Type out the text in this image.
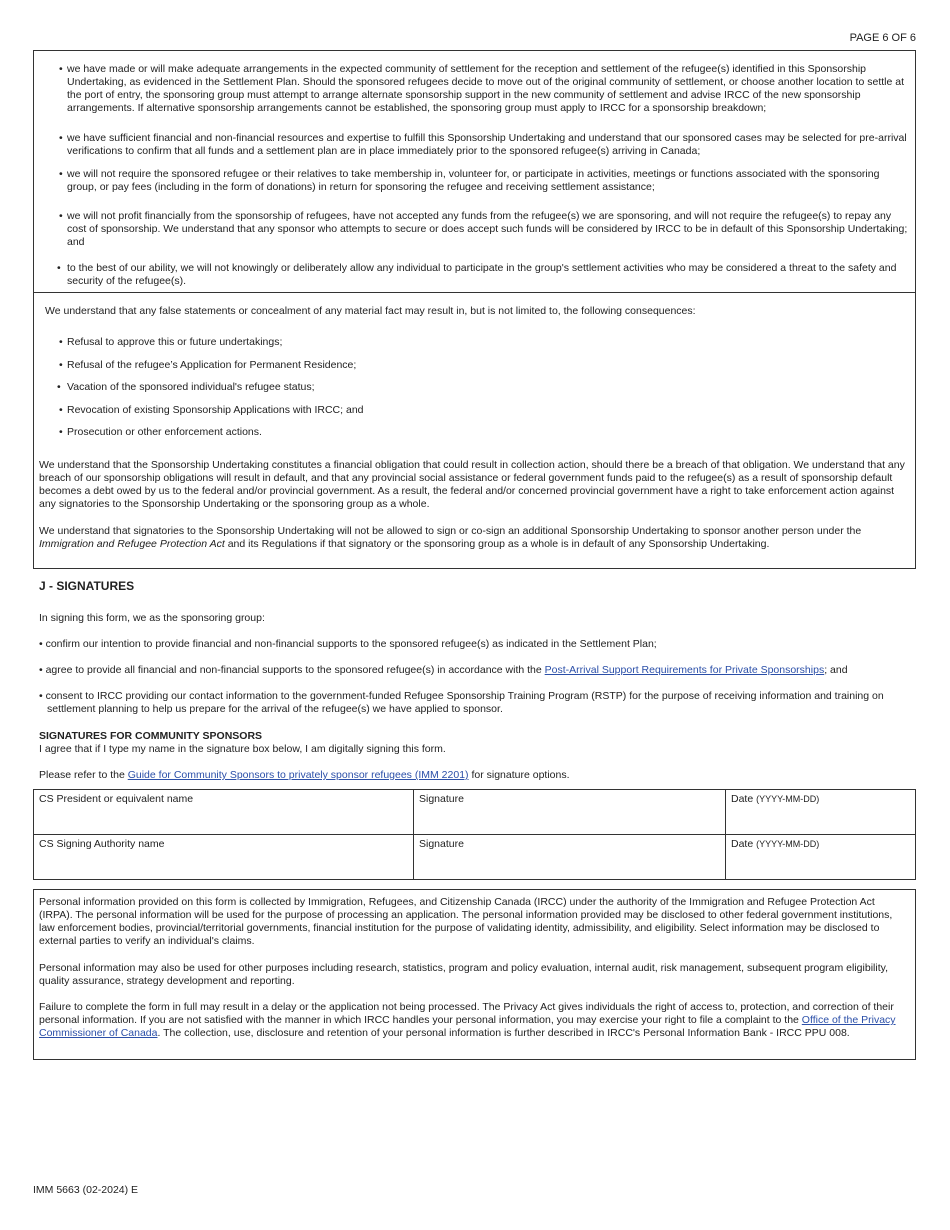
PAGE 6 OF 6
• we have made or will make adequate arrangements in the expected community of settlement for the reception and settlement of the refugee(s) identified in this Sponsorship Undertaking, as evidenced in the Settlement Plan. Should the sponsored refugees decide to move out of the original community of settlement, or choose another location to settle at the port of entry, the sponsoring group must attempt to arrange alternate sponsorship support in the new community of settlement and advise IRCC of the new sponsorship arrangements. If alternative sponsorship arrangements cannot be established, the sponsoring group must apply to IRCC for a sponsorship breakdown;
• we have sufficient financial and non-financial resources and expertise to fulfill this Sponsorship Undertaking and understand that our sponsored cases may be selected for pre-arrival verifications to confirm that all funds and a settlement plan are in place immediately prior to the sponsored refugee(s) arriving in Canada;
• we will not require the sponsored refugee or their relatives to take membership in, volunteer for, or participate in activities, meetings or functions associated with the sponsoring group, or pay fees (including in the form of donations) in return for sponsoring the refugee and receiving settlement assistance;
• we will not profit financially from the sponsorship of refugees, have not accepted any funds from the refugee(s) we are sponsoring, and will not require the refugee(s) to repay any cost of sponsorship. We understand that any sponsor who attempts to secure or does accept such funds will be considered by IRCC to be in default of this Sponsorship Undertaking; and
• to the best of our ability, we will not knowingly or deliberately allow any individual to participate in the group's settlement activities who may be considered a threat to the safety and security of the refugee(s).

We understand that any false statements or concealment of any material fact may result in, but is not limited to, the following consequences:

• Refusal to approve this or future undertakings;
• Refusal of the refugee’s Application for Permanent Residence;
• Vacation of the sponsored individual's refugee status;
• Revocation of existing Sponsorship Applications with IRCC; and
• Prosecution or other enforcement actions.

We understand that the Sponsorship Undertaking constitutes a financial obligation that could result in collection action, should there be a breach of that obligation. We understand that any breach of our sponsorship obligations will result in default, and that any provincial social assistance or federal government funds paid to the refugee(s) as a result of sponsorship default becomes a debt owed by us to the federal and/or provincial government. As a result, the federal and/or concerned provincial government have a right to take enforcement action against any signatories to the Sponsorship Undertaking or the sponsoring group as a whole.

We understand that signatories to the Sponsorship Undertaking will not be allowed to sign or co-sign an additional Sponsorship Undertaking to sponsor another person under the Immigration and Refugee Protection Act and its Regulations if that signatory or the sponsoring group as a whole is in default of any Sponsorship Undertaking.

J - SIGNATURES

In signing this form, we as the sponsoring group:

• confirm our intention to provide financial and non-financial supports to the sponsored refugee(s) as indicated in the Settlement Plan;

• agree to provide all financial and non-financial supports to the sponsored refugee(s) in accordance with the Post-Arrival Support Requirements for Private Sponsorships; and

• consent to IRCC providing our contact information to the government-funded Refugee Sponsorship Training Program (RSTP) for the purpose of receiving information and training on settlement planning to help us prepare for the arrival of the refugee(s) we have applied to sponsor.

SIGNATURES FOR COMMUNITY SPONSORS

I agree that if I type my name in the signature box below, I am digitally signing this form.

Please refer to the Guide for Community Sponsors to privately sponsor refugees (IMM 2201) for signature options.

CS President or equivalent name	Signature	Date (YYYY-MM-DD)
CS Signing Authority name	Signature	Date (YYYY-MM-DD)

Personal information provided on this form is collected by Immigration, Refugees, and Citizenship Canada (IRCC) under the authority of the Immigration and Refugee Protection Act (IRPA). The personal information will be used for the purpose of processing an application. The personal information provided may be disclosed to other federal government institutions, law enforcement bodies, provincial/territorial governments, financial institution for the purpose of validating identity, admissibility, and eligibility. Select information may be disclosed to external parties to verify an individual's claims.

Personal information may also be used for other purposes including research, statistics, program and policy evaluation, internal audit, risk management, subsequent program eligibility, quality assurance, strategy development and reporting.

Failure to complete the form in full may result in a delay or the application not being processed. The Privacy Act gives individuals the right of access to, protection, and correction of their personal information. If you are not satisfied with the manner in which IRCC handles your personal information, you may exercise your right to file a complaint to the Office of the Privacy Commissioner of Canada. The collection, use, disclosure and retention of your personal information is further described in IRCC's Personal Information Bank - IRCC PPU 008.

IMM 5663 (02-2024) E
